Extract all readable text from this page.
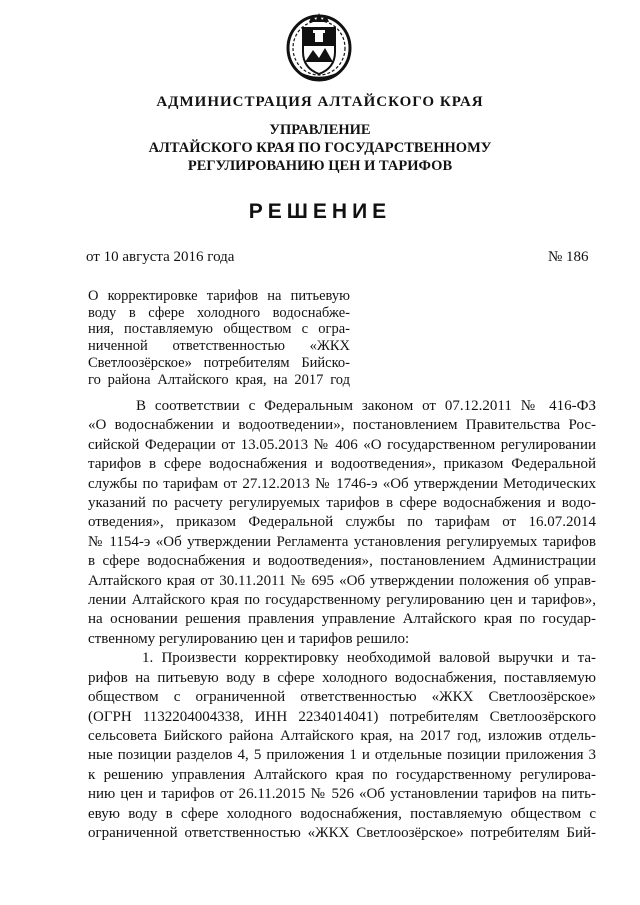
АДМИНИСТРАЦИЯ АЛТАЙСКОГО КРАЯ
УПРАВЛЕНИЕ
АЛТАЙСКОГО КРАЯ ПО ГОСУДАРСТВЕННОМУ
РЕГУЛИРОВАНИЮ ЦЕН И ТАРИФОВ
РЕШЕНИЕ
от 10 августа 2016 года	№ 186
О корректировке тарифов на питьевую
воду в сфере холодного водоснабже-
ния, поставляемую обществом с огра-
ниченной ответственностью «ЖКХ
Светлоозёрское» потребителям Бийско-
го района Алтайского края, на 2017 год

В соответствии с Федеральным законом от 07.12.2011 № 416-ФЗ
«О водоснабжении и водоотведении», постановлением Правительства Рос-
сийской Федерации от 13.05.2013 № 406 «О государственном регулировании
тарифов в сфере водоснабжения и водоотведения», приказом Федеральной
службы по тарифам от 27.12.2013 № 1746-э «Об утверждении Методических
указаний по расчету регулируемых тарифов в сфере водоснабжения и водо-
отведения», приказом Федеральной службы по тарифам от 16.07.2014
№ 1154-э «Об утверждении Регламента установления регулируемых тарифов
в сфере водоснабжения и водоотведения», постановлением Администрации
Алтайского края от 30.11.2011 № 695 «Об утверждении положения об управ-
лении Алтайского края по государственному регулированию цен и тарифов»,
на основании решения правления управление Алтайского края по государ-
ственному регулированию цен и тарифов решило:

1. Произвести корректировку необходимой валовой выручки и та-
рифов на питьевую воду в сфере холодного водоснабжения, поставляемую
обществом с ограниченной ответственностью «ЖКХ Светлоозёрское»
(ОГРН 1132204004338, ИНН 2234014041) потребителям Светлоозёрского
сельсовета Бийского района Алтайского края, на 2017 год, изложив отдель-
ные позиции разделов 4, 5 приложения 1 и отдельные позиции приложения 3
к решению управления Алтайского края по государственному регулирова-
нию цен и тарифов от 26.11.2015 № 526 «Об установлении тарифов на пить-
евую воду в сфере холодного водоснабжения, поставляемую обществом с
ограниченной ответственностью «ЖКХ Светлоозёрское» потребителям Бий-
